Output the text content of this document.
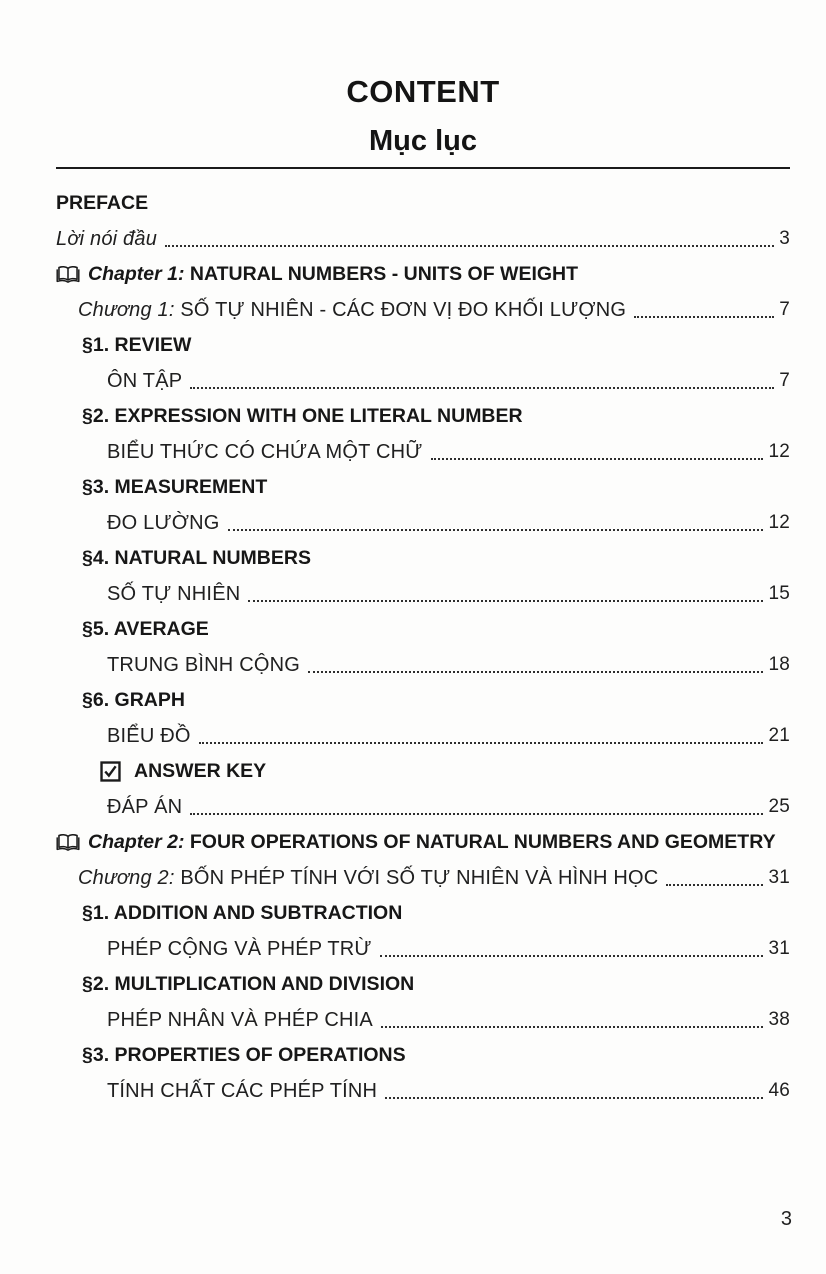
CONTENT
Mục lục
PREFACE
Lời nói đầu	3
Chapter 1: NATURAL NUMBERS - UNITS OF WEIGHT
Chương 1: SỐ TỰ NHIÊN - CÁC ĐƠN VỊ ĐO KHỐI LƯỢNG	7
§1. REVIEW
ÔN TẬP	7
§2. EXPRESSION WITH ONE LITERAL NUMBER
BIỂU THỨC CÓ CHỨA MỘT CHỮ	12
§3. MEASUREMENT
ĐO LƯỜNG	12
§4. NATURAL NUMBERS
SỐ TỰ NHIÊN	15
§5. AVERAGE
TRUNG BÌNH CỘNG	18
§6. GRAPH
BIỂU ĐỒ	21
ANSWER KEY
ĐÁP ÁN	25
Chapter 2: FOUR OPERATIONS OF NATURAL NUMBERS AND GEOMETRY
Chương 2: BỐN PHÉP TÍNH VỚI SỐ TỰ NHIÊN VÀ HÌNH HỌC	31
§1. ADDITION AND SUBTRACTION
PHÉP CỘNG VÀ PHÉP TRỪ	31
§2. MULTIPLICATION AND DIVISION
PHÉP NHÂN VÀ PHÉP CHIA	38
§3. PROPERTIES OF OPERATIONS
TÍNH CHẤT CÁC PHÉP TÍNH	46
3
